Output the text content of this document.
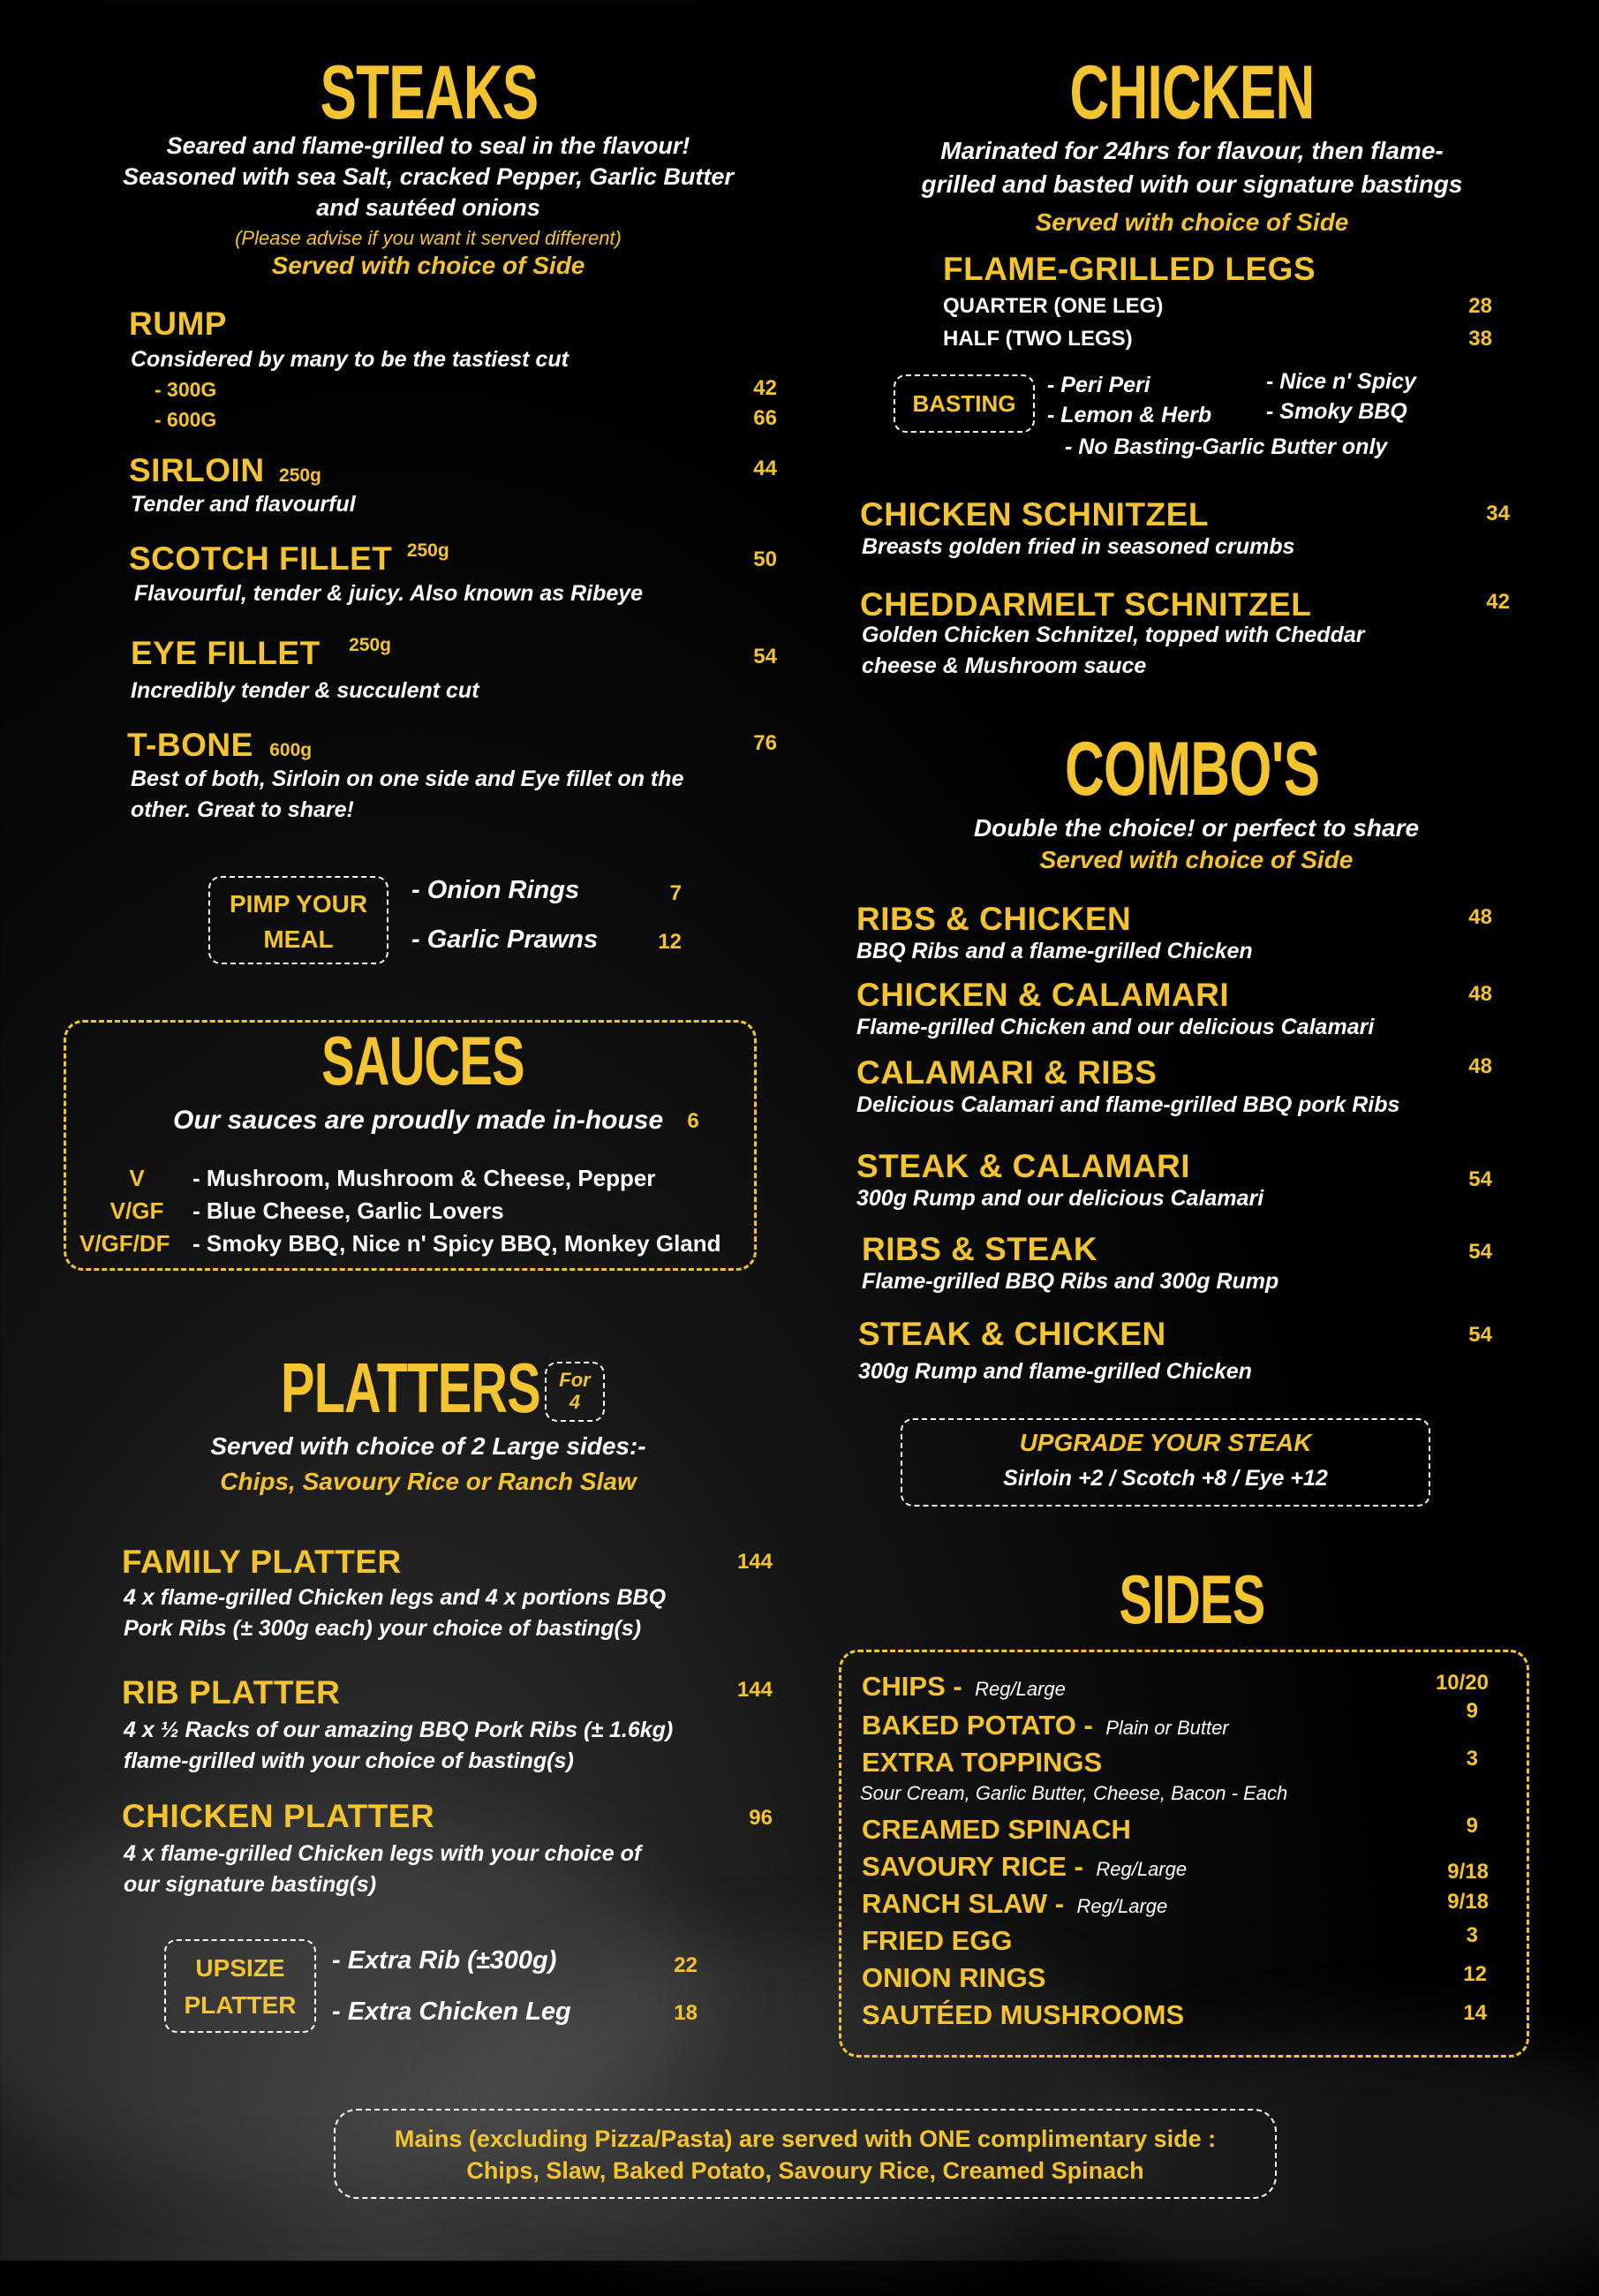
STEAKS
Seared and flame-grilled to seal in the flavour!
Seasoned with sea Salt, cracked Pepper, Garlic Butter
and sautéed onions
(Please advise if you want it served different)
Served with choice of Side
RUMP
Considered by many to be the tastiest cut
- 300G	42
- 600G	66
SIRLOIN 250g	44
Tender and flavourful
SCOTCH FILLET 250g	50
Flavourful, tender & juicy. Also known as Ribeye
EYE FILLET 250g	54
Incredibly tender & succulent cut
T-BONE 600g	76
Best of both, Sirloin on one side and Eye fillet on the
other. Great to share!
PIMP YOUR
MEAL
- Onion Rings	7
- Garlic Prawns	12
SAUCES
Our sauces are proudly made in-house	6
V	- Mushroom, Mushroom & Cheese, Pepper
V/GF	- Blue Cheese, Garlic Lovers
V/GF/DF - Smoky BBQ, Nice n' Spicy BBQ, Monkey Gland
PLATTERS For
4
Served with choice of 2 Large sides:-
Chips, Savoury Rice or Ranch Slaw
FAMILY PLATTER	144
4 x flame-grilled Chicken legs and 4 x portions BBQ
Pork Ribs (± 300g each) your choice of basting(s)
RIB PLATTER	144
4 x ½ Racks of our amazing BBQ Pork Ribs (± 1.6kg)
flame-grilled with your choice of basting(s)
CHICKEN PLATTER	96
4 x flame-grilled Chicken legs with your choice of
our signature basting(s)
UPSIZE
PLATTER
- Extra Rib (±300g)	22
- Extra Chicken Leg	18
CHICKEN
Marinated for 24hrs for flavour, then flame-
grilled and basted with our signature bastings
Served with choice of Side
FLAME-GRILLED LEGS
QUARTER (ONE LEG)	28
HALF (TWO LEGS)	38
BASTING
- Peri Peri	- Nice n' Spicy
- Lemon & Herb - Smoky BBQ
- No Basting-Garlic Butter only
CHICKEN SCHNITZEL	34
Breasts golden fried in seasoned crumbs
CHEDDARMELT SCHNITZEL	42
Golden Chicken Schnitzel, topped with Cheddar
cheese & Mushroom sauce
COMBO'S
Double the choice! or perfect to share
Served with choice of Side
RIBS & CHICKEN
BBQ Ribs and a flame-grilled Chicken
48
CHICKEN & CALAMARI
Flame-grilled Chicken and our delicious Calamari
48
CALAMARI & RIBS
Delicious Calamari and flame-grilled BBQ pork Ribs
48
STEAK & CALAMARI
300g Rump and our delicious Calamari
54
RIBS & STEAK
Flame-grilled BBQ Ribs and 300g Rump
54
STEAK & CHICKEN
300g Rump and flame-grilled Chicken
54
UPGRADE YOUR STEAK
Sirloin +2 / Scotch +8 / Eye +12
SIDES
CHIPS - Reg/Large	10/20
BAKED POTATO - Plain or Butter
9
EXTRA TOPPINGS	3
Sour Cream, Garlic Butter, Cheese, Bacon - Each
CREAMED SPINACH	9
SAVOURY RICE - Reg/Large	9/18
RANCH SLAW - Reg/Large	9/18
FRIED EGG	3
ONION RINGS	12
SAUTÉED MUSHROOMS	14
Mains (excluding Pizza/Pasta) are served with ONE complimentary side :
Chips, Slaw, Baked Potato, Savoury Rice, Creamed Spinach
